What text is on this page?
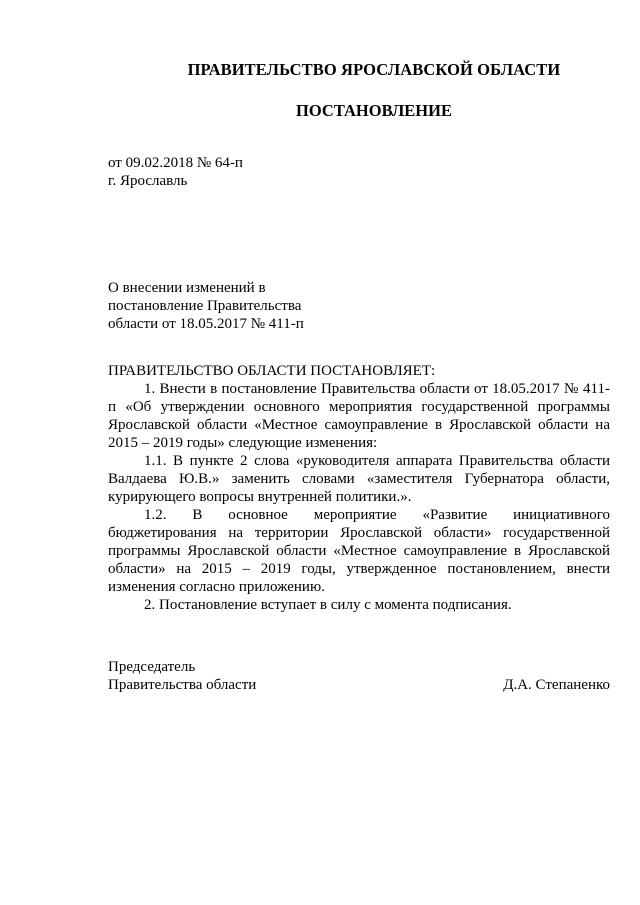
ПРАВИТЕЛЬСТВО ЯРОСЛАВСКОЙ ОБЛАСТИ
ПОСТАНОВЛЕНИЕ
от 09.02.2018 № 64-п
г. Ярославль
О внесении изменений в
постановление Правительства
области от 18.05.2017 № 411-п

ПРАВИТЕЛЬСТВО ОБЛАСТИ ПОСТАНОВЛЯЕТ:

1. Внести в постановление Правительства области от 18.05.2017 № 411-п «Об утверждении основного мероприятия государственной программы Ярославской области «Местное самоуправление в Ярославской области на 2015 – 2019 годы» следующие изменения:

1.1. В пункте 2 слова «руководителя аппарата Правительства области Валдаева Ю.В.» заменить словами «заместителя Губернатора области, курирующего вопросы внутренней политики.».

1.2. В основное мероприятие «Развитие инициативного бюджетирования на территории Ярославской области» государственной программы Ярославской области «Местное самоуправление в Ярославской области» на 2015 – 2019 годы, утвержденное постановлением, внести изменения согласно приложению.

2. Постановление вступает в силу с момента подписания.

Председатель
Правительства области	Д.А. Степаненко
